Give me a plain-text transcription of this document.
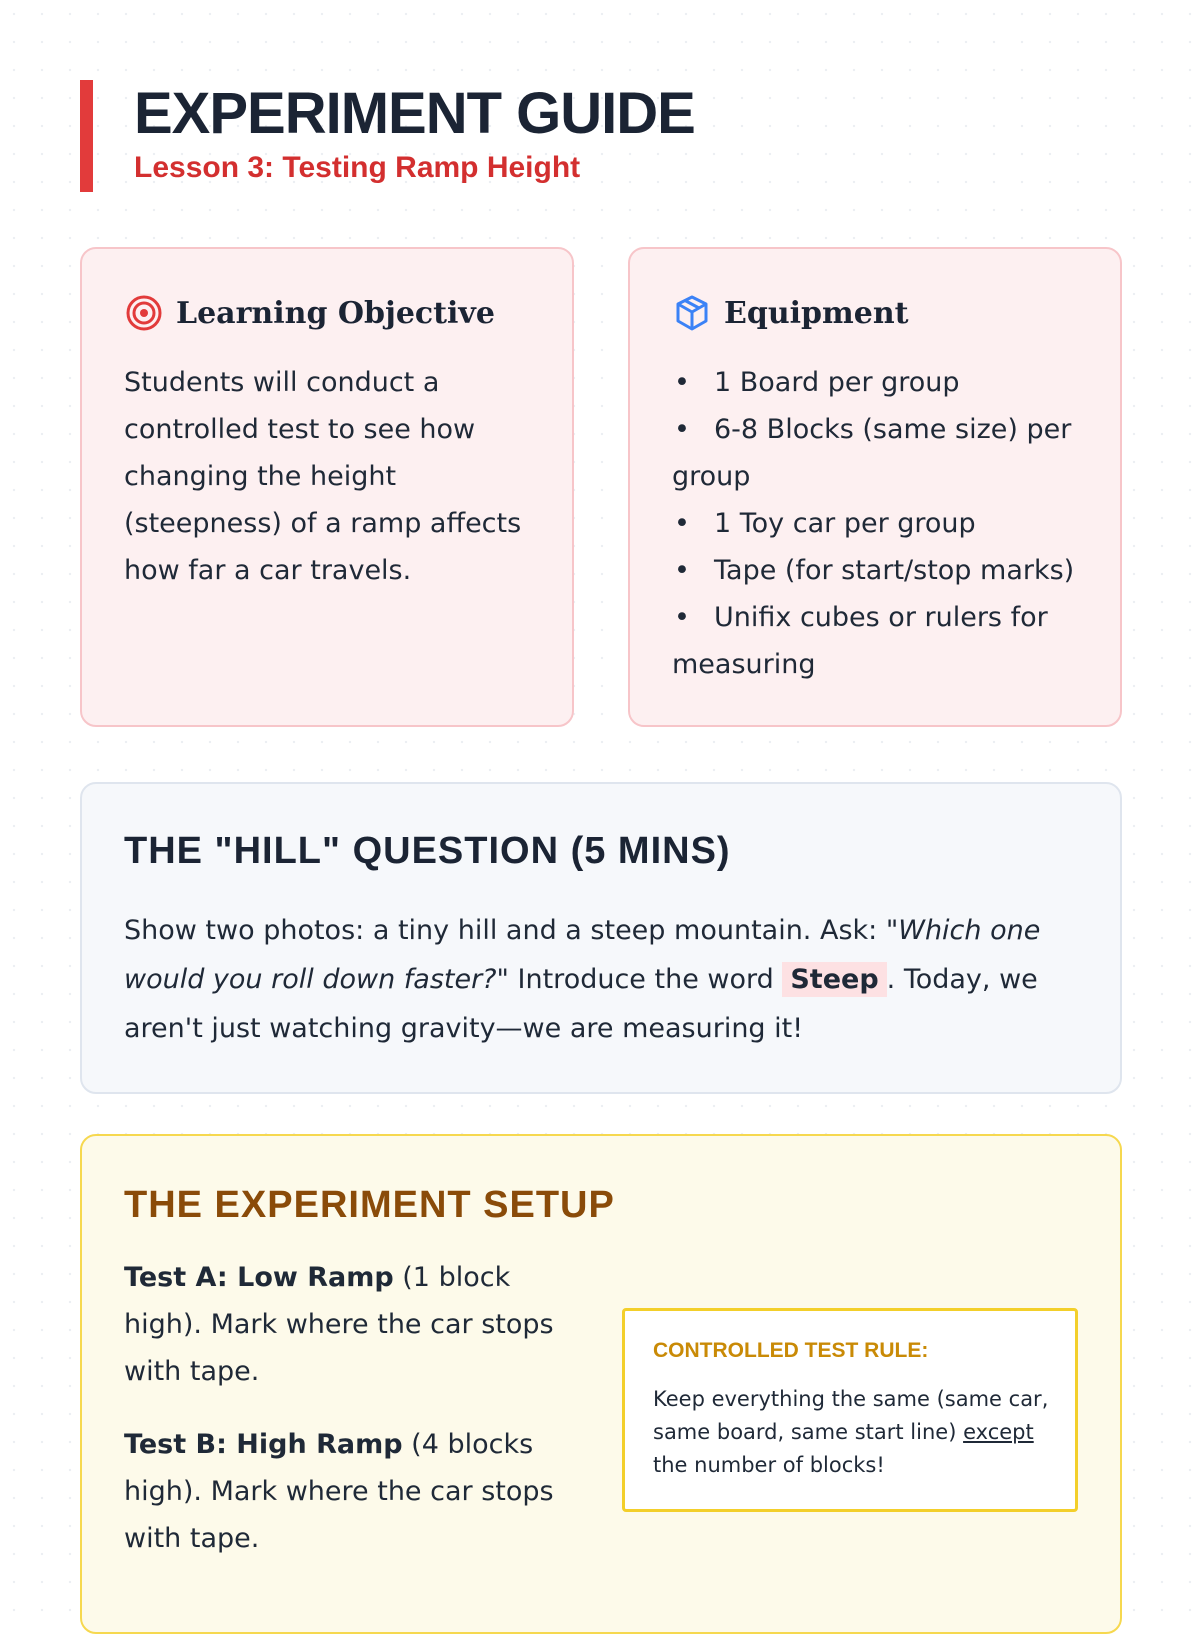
EXPERIMENT GUIDE
Lesson 3: Testing Ramp Height
Learning Objective
Students will conduct a controlled test to see how changing the height (steepness) of a ramp affects how far a car travels.
Equipment
• 1 Board per group
• 6-8 Blocks (same size) per group
• 1 Toy car per group
• Tape (for start/stop marks)
• Unifix cubes or rulers for measuring
THE "HILL" QUESTION (5 MINS)
Show two photos: a tiny hill and a steep mountain. Ask: "Which one would you roll down faster?" Introduce the word Steep . Today, we aren't just watching gravity—we are measuring it!
THE EXPERIMENT SETUP

Test A: Low Ramp (1 block high). Mark where the car stops with tape.

Test B: High Ramp (4 blocks high). Mark where the car stops with tape.

CONTROLLED TEST RULE:
Keep everything the same (same car, same board, same start line) except the number of blocks!
